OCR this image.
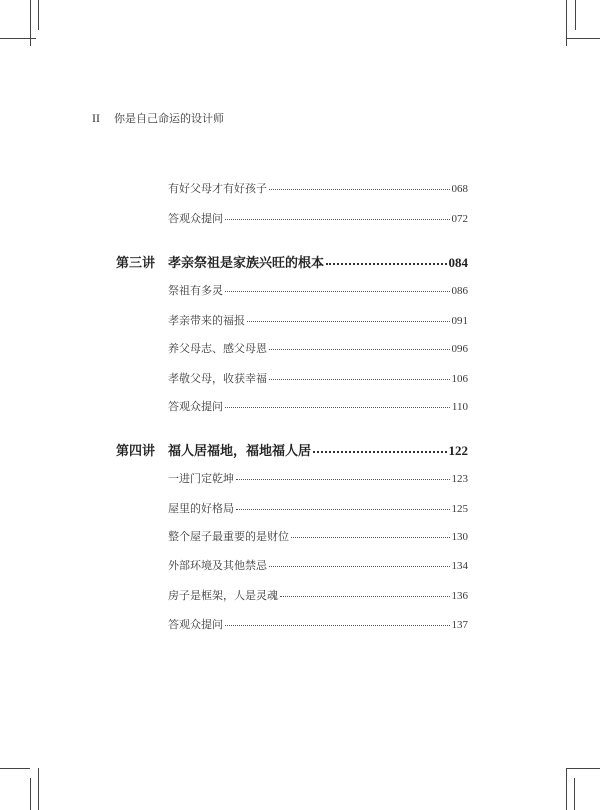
II 你是自己命运的设计师
有好父母才有好孩子	068
答观众提问	072
第三讲 孝亲祭祖是家族兴旺的根本	084
祭祖有多灵	086
孝亲带来的福报	091
养父母志、感父母恩	096
孝敬父母，收获幸福	106
答观众提问	110
第四讲 福人居福地，福地福人居	122
一进门定乾坤	123
屋里的好格局	125
整个屋子最重要的是财位	130
外部环境及其他禁忌	134
房子是框架，人是灵魂	136
答观众提问	137
